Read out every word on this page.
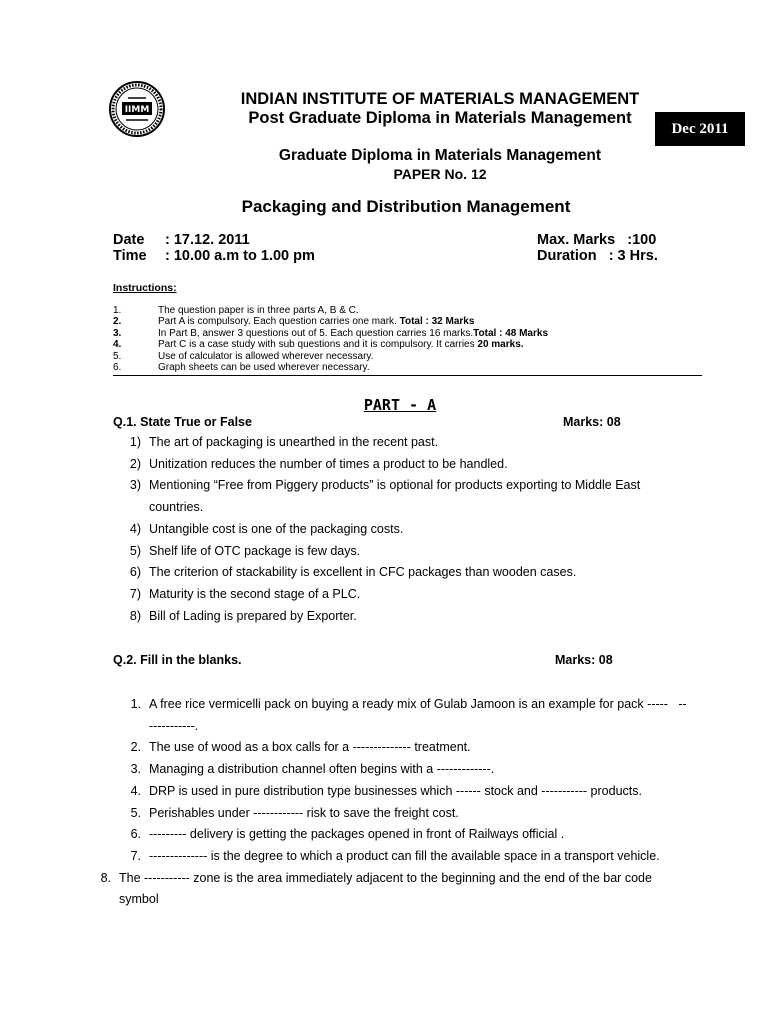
IIMM
INDIAN INSTITUTE OF MATERIALS MANAGEMENT
Post Graduate Diploma in Materials Management
Dec 2011
Graduate Diploma in Materials Management
PAPER No. 12
Packaging and Distribution Management
Date : 17.12. 2011
Time : 10.00 a.m to 1.00 pm
Max. Marks   :100
Duration   : 3 Hrs.
Instructions:
1.	The question paper is in three parts A, B & C.
2.	Part A is compulsory. Each question carries one mark. Total : 32 Marks
3.	In Part B, answer 3 questions out of 5. Each question carries 16 marks. Total : 48 Marks
4.	Part C is a case study with sub questions and it is compulsory. It carries 20 marks.
5.	Use of calculator is allowed wherever necessary.
6.	Graph sheets can be used wherever necessary.
PART - A
Q.1. State True or False	Marks: 08
1) The art of packaging is unearthed in the recent past.
2) Unitization reduces the number of times a product to be handled.
3) Mentioning “Free from Piggery products” is optional for products exporting to Middle East
countries.
4) Untangible cost is one of the packaging costs.
5) Shelf life of OTC package is few days.
6) The criterion of stackability is excellent in CFC packages than wooden cases.
7) Maturity is the second stage of a PLC.
8) Bill of Lading is prepared by Exporter.
Q.2. Fill in the blanks.	Marks: 08
1. A free rice vermicelli pack on buying a ready mix of Gulab Jamoon is an example for pack -----   --
-----------.
2. The use of wood as a box calls for a -------------- treatment.
3. Managing a distribution channel often begins with a -------------.
4. DRP is used in pure distribution type businesses which ------ stock and ----------- products.
5. Perishables under ------------ risk to save the freight cost.
6. --------- delivery is getting the packages opened in front of Railways official .
7. -------------- is the degree to which a product can fill the available space in a transport vehicle.
8. The ----------- zone is the area immediately adjacent to the beginning and the end of the bar code
symbol
